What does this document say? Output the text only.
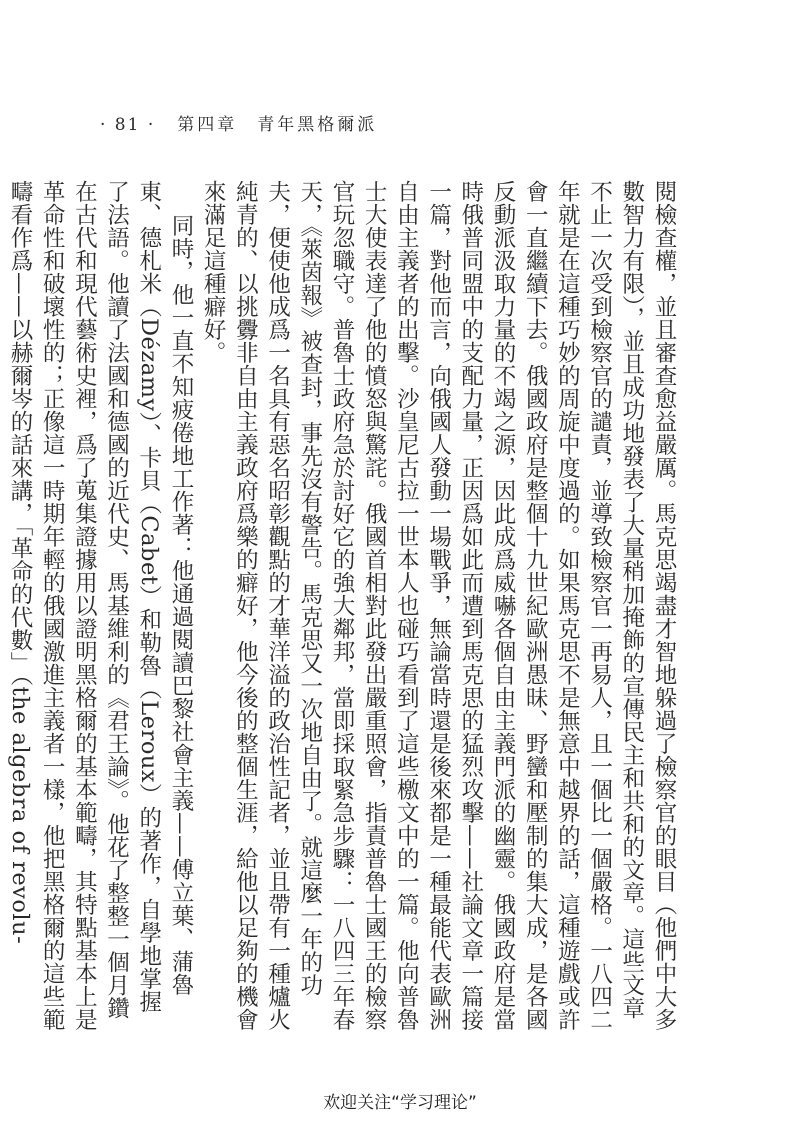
· 81 · 第四章　青年黑格爾派

閱檢查權，並且審查愈益嚴厲。馬克思竭盡才智地躲過了檢察官的眼目（他們中大多數智力有限），並且成功地發表了大量稍加掩飾的宣傳民主和共和的文章。這些文章不止一次受到檢察官的譴責，並導致檢察官一再易人，且一個比一個嚴格。一八四二年就是在這種巧妙的周旋中度過的。如果馬克思不是無意中越界的話，這種遊戲或許會一直繼續下去。俄國政府是整個十九世紀歐洲愚昧、野蠻和壓制的集大成，是各國反動派汲取力量的不竭之源，因此成爲威嚇各個自由主義門派的幽靈。俄國政府是當時俄普同盟中的支配力量，正因爲如此而遭到馬克思的猛烈攻擊——社論文章一篇接一篇，對他而言，向俄國人發動一場戰爭，無論當時還是後來都是一種最能代表歐洲自由主義者的出擊。沙皇尼古拉一世本人也碰巧看到了這些檄文中的一篇。他向普魯士大使表達了他的憤怒與驚詫。俄國首相對此發出嚴重照會，指責普魯士國王的檢察官玩忽職守。普魯士政府急於討好它的強大鄰邦，當即採取緊急步驟：一八四三年春天，《萊茵報》被查封，事先沒有警告。馬克思又一次地自由了。就這麼一年的功夫，便使他成爲一名具有惡名昭彰觀點的才華洋溢的政治性記者，並且帶有一種爐火純青的、以挑釁非自由主義政府爲樂的癖好，他今後的整個生涯，給他以足夠的機會來滿足這種癖好。

同時，他一直不知疲倦地工作著：他通過閱讀巴黎社會主義——傅立葉、蒲魯東、德札米（Dézamy）、卡貝（Cabet）和勒魯（Leroux）的著作，自學地掌握了法語。他讀了法國和德國的近代史、馬基維利的《君王論》。他花了整整一個月鑽在古代和現代藝術史裡，爲了蒐集證據用以證明黑格爾的基本範疇，其特點基本上是革命性和破壞性的；正像這一時期年輕的俄國激進主義者一樣，他把黑格爾的這些範疇看作爲——以赫爾岑的話來講，「革命的代數」（the algebra of revolu-

欢迎关注“学习理论”
